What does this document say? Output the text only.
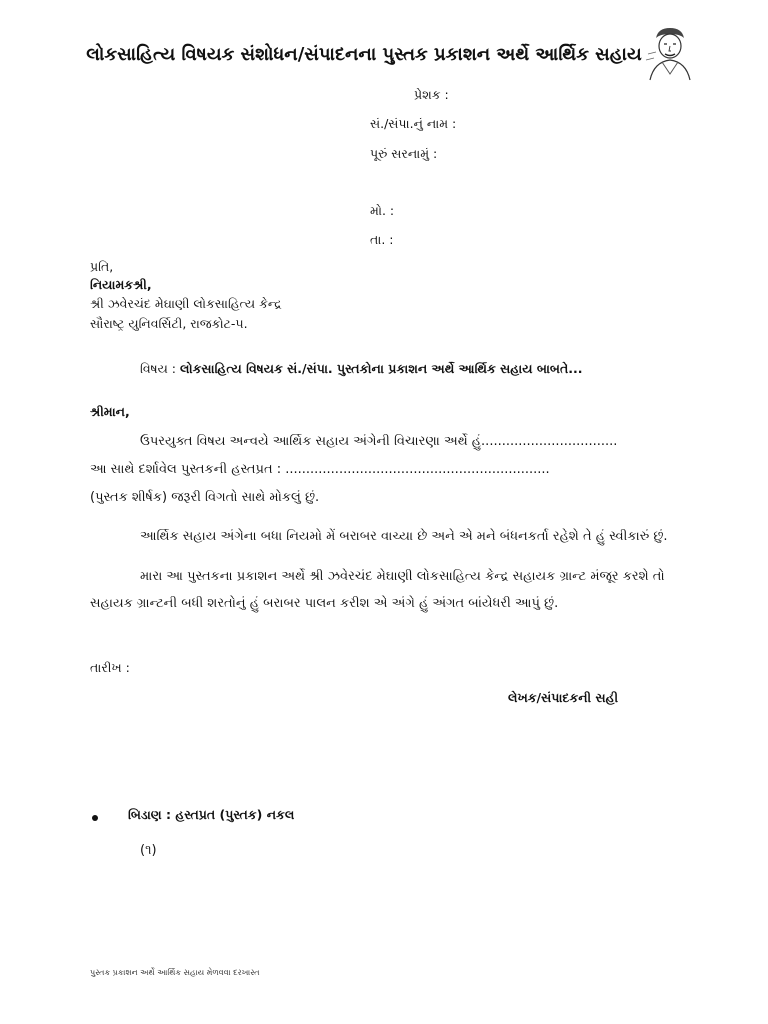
લોકસાહિત્ય વિષયક સંશોધન/સંપાદનના પુસ્તક પ્રકાશન અર્થે આર્થિક સહાય
પ્રેશક :
સં./સંપા.નું નામ :
પૂરું સરનામું :
મો. :
તા. :
પ્રતિ,
નિયામકશ્રી,
શ્રી ઝવેરચંદ મેઘાણી લોકસાહિત્ય કેન્દ્ર
સૌરાષ્ટ્ર યુનિવર્સિટી, રાજકોટ-૫.
વિષય : લોકસાહિત્ય વિષયક સં./સંપા. પુસ્તકોના પ્રકાશન અર્થે આર્થિક સહાય બાબતે...
શ્રીમાન,
ઉપરયુક્ત વિષય અન્વયે આર્થિક સહાય અંગેની વિચારણા અર્થે હું.................................
આ સાથે દર્શાવેલ પુસ્તકની હસ્તપ્રત : ................................................................
(પુસ્તક શીર્ષક) જરૂરી વિગતો સાથે મોકલું છું.
આર્થિક સહાય અંગેના બધા નિયમો મેં બરાબર વાચ્યા છે અને એ મને બંધનકર્તા રહેશે તે હું સ્વીકારું છું.
મારા આ પુસ્તકના પ્રકાશન અર્થે શ્રી ઝવેરચંદ મેઘાણી લોકસાહિત્ય કેન્દ્ર સહાયક ગ્રાન્ટ મંજૂર કરશે તો
સહાયક ગ્રાન્ટની બધી શરતોનું હું બરાબર પાલન કરીશ એ અંગે હું અંગત બાંયેધરી આપું છું.
તારીખ :
લેખક/સંપાદકની સહી
બિડાણ : હસ્તપ્રત (પુસ્તક) નકલ
(૧)
પુસ્તક પ્રકાશન અર્થે આર્થિક સહાય મેળવવા દરખાસ્ત
